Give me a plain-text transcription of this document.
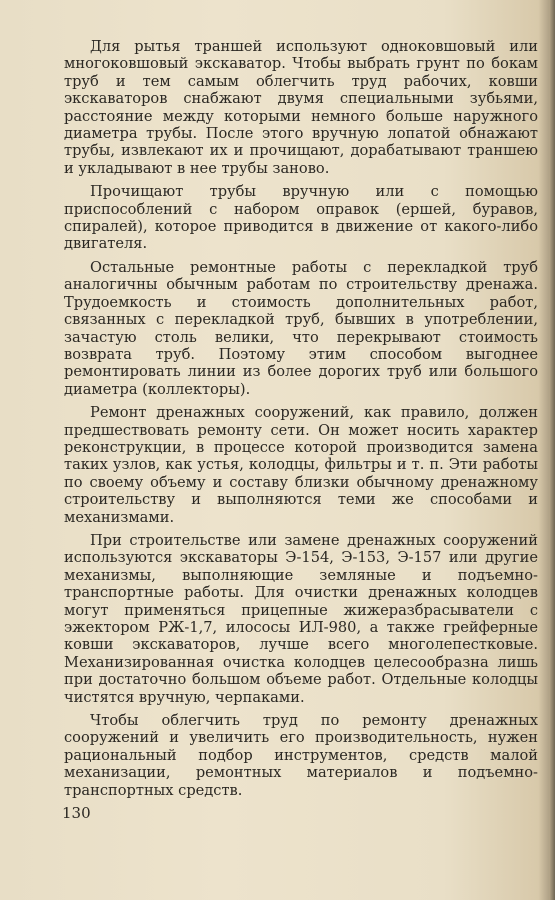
Для рытья траншей используют одноковшовый или многоковшовый экскаватор. Чтобы выбрать грунт по бокам труб и тем самым облегчить труд рабочих, ковши экскаваторов снабжают двумя специальными зубьями, расстояние между которыми немного больше наружного диаметра трубы. После этого вручную лопатой обнажают трубы, извлекают их и прочищают, дорабатывают траншею и укладывают в нее трубы заново.

Прочищают трубы вручную или с помощью приспособлений с набором оправок (ершей, буравов, спиралей), которое приводится в движение от какого-либо двигателя.

Остальные ремонтные работы с перекладкой труб аналогичны обычным работам по строительству дренажа. Трудоемкость и стоимость дополнительных работ, связанных с перекладкой труб, бывших в употреблении, зачастую столь велики, что перекрывают стоимость возврата труб. Поэтому этим способом выгоднее ремонтировать линии из более дорогих труб или большого диаметра (коллекторы).

Ремонт дренажных сооружений, как правило, должен предшествовать ремонту сети. Он может носить характер реконструкции, в процессе которой производится замена таких узлов, как устья, колодцы, фильтры и т. п. Эти работы по своему объему и составу близки обычному дренажному строительству и выполняются теми же способами и механизмами.

При строительстве или замене дренажных сооружений используются экскаваторы Э-154, Э-153, Э-157 или другие механизмы, выполняющие земляные и подъемно-транспортные работы. Для очистки дренажных колодцев могут применяться прицепные жижеразбрасыватели с эжектором РЖ-1,7, илососы ИЛ-980, а также грейферные ковши экскаваторов, лучше всего многолепестковые. Механизированная очистка колодцев целесообразна лишь при достаточно большом объеме работ. Отдельные колодцы чистятся вручную, черпаками.

Чтобы облегчить труд по ремонту дренажных сооружений и увеличить его производительность, нужен рациональный подбор инструментов, средств малой механизации, ремонтных материалов и подъемно-транспортных средств.

130
